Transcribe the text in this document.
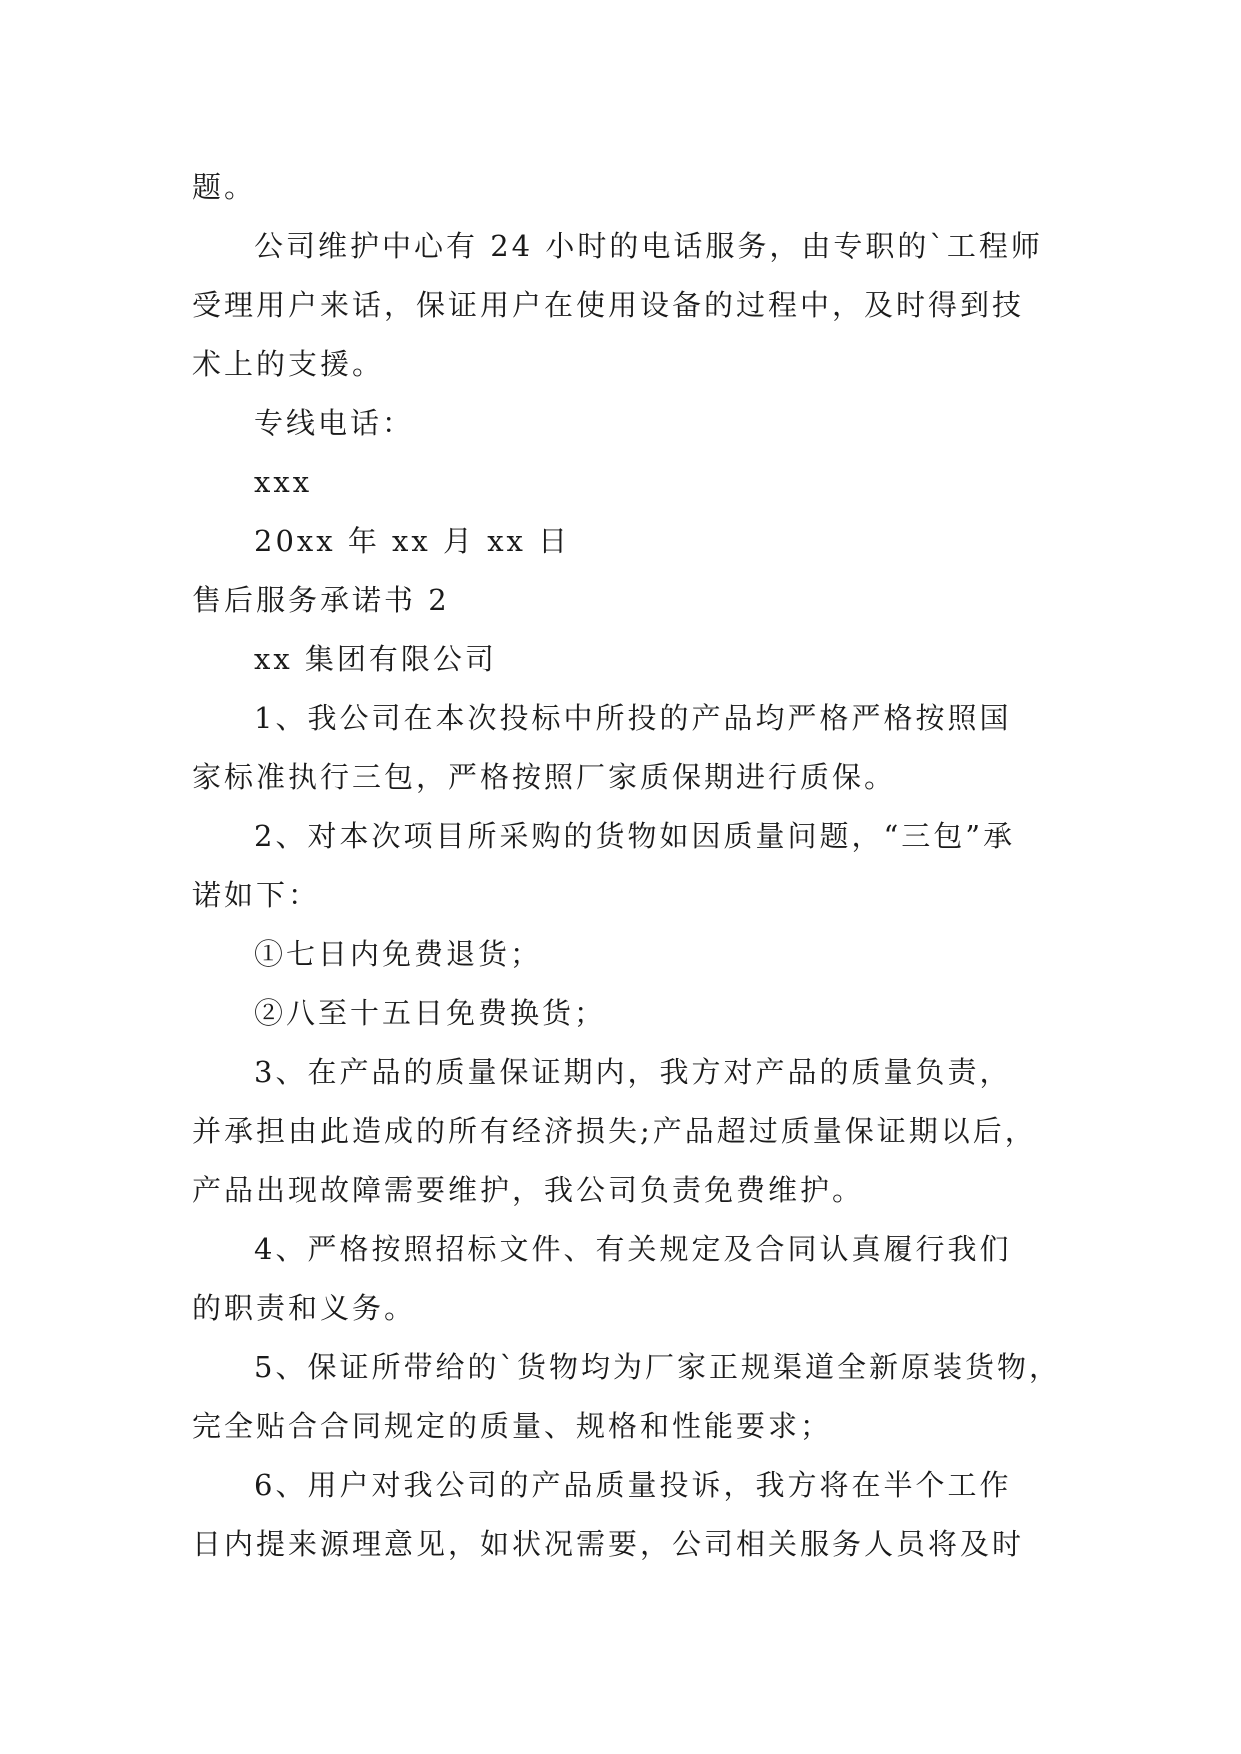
题。
公司维护中心有 24 小时的电话服务，由专职的`工程师
受理用户来话，保证用户在使用设备的过程中，及时得到技
术上的支援。
专线电话：
xxx
20xx 年 xx 月 xx 日
售后服务承诺书 2
xx 集团有限公司
1、我公司在本次投标中所投的产品均严格严格按照国
家标准执行三包，严格按照厂家质保期进行质保。
2、对本次项目所采购的货物如因质量问题，“三包”承
诺如下：
①七日内免费退货；
②八至十五日免费换货；
3、在产品的质量保证期内，我方对产品的质量负责，
并承担由此造成的所有经济损失;产品超过质量保证期以后，
产品出现故障需要维护，我公司负责免费维护。
4、严格按照招标文件、有关规定及合同认真履行我们
的职责和义务。
5、保证所带给的`货物均为厂家正规渠道全新原装货物，
完全贴合合同规定的质量、规格和性能要求；
6、用户对我公司的产品质量投诉，我方将在半个工作
日内提来源理意见，如状况需要，公司相关服务人员将及时
